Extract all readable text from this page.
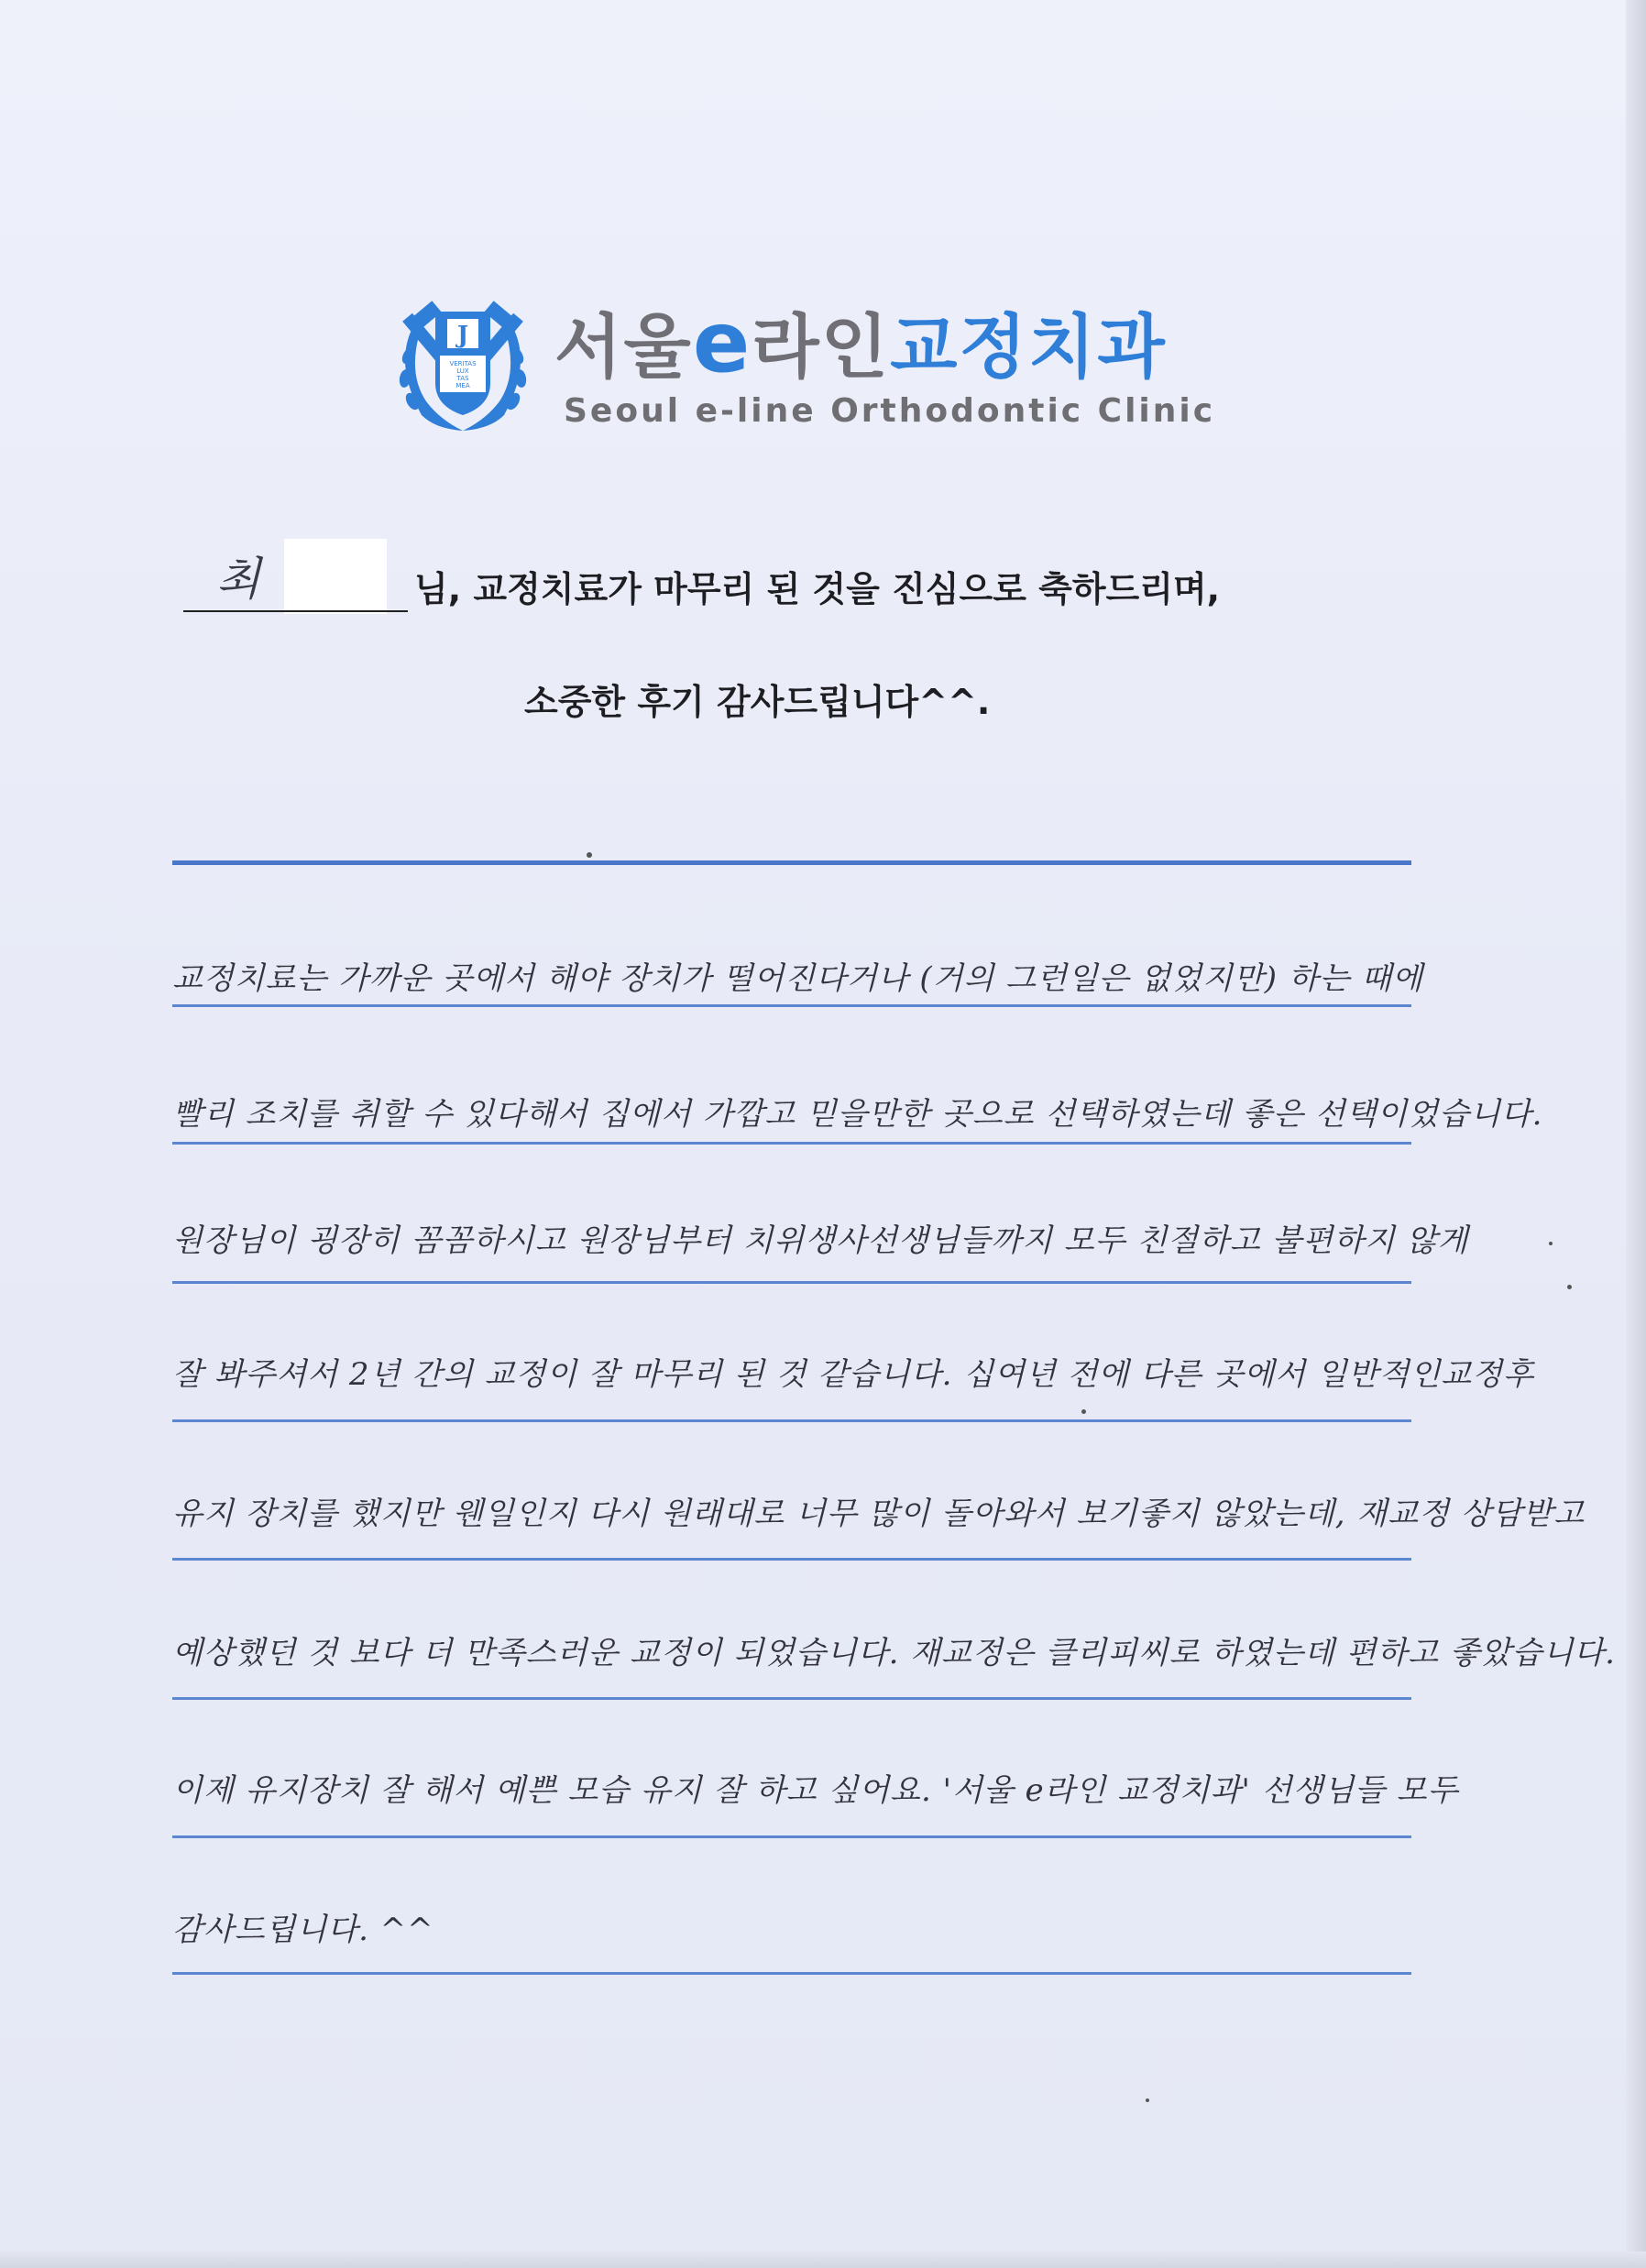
J
VERITAS
LUX
TAS
MEA 서울e라인교정치과
Seoul e-line Orthodontic Clinic
최	님, 교정치료가 마무리 된 것을 진심으로 축하드리며,
소중한 후기 감사드립니다^^.
교정치료는 가까운 곳에서 해야 장치가 떨어진다거나 (거의 그런일은 없었지만) 하는 때에
빨리 조치를 취할 수 있다해서 집에서 가깝고 믿을만한 곳으로 선택하였는데 좋은 선택이었습니다.
원장님이 굉장히 꼼꼼하시고 원장님부터 치위생사선생님들까지 모두 친절하고 불편하지 않게
잘 봐주셔서 2년 간의 교정이 잘 마무리 된 것 같습니다. 십여년 전에 다른 곳에서 일반적인교정후
유지 장치를 했지만 웬일인지 다시 원래대로 너무 많이 돌아와서 보기좋지 않았는데, 재교정 상담받고
예상했던 것 보다 더 만족스러운 교정이 되었습니다. 재교정은 클리피씨로 하였는데 편하고 좋았습니다.
이제 유지장치 잘 해서 예쁜 모습 유지 잘 하고 싶어요. '서울 e라인 교정치과' 선생님들 모두
감사드립니다. ^^
